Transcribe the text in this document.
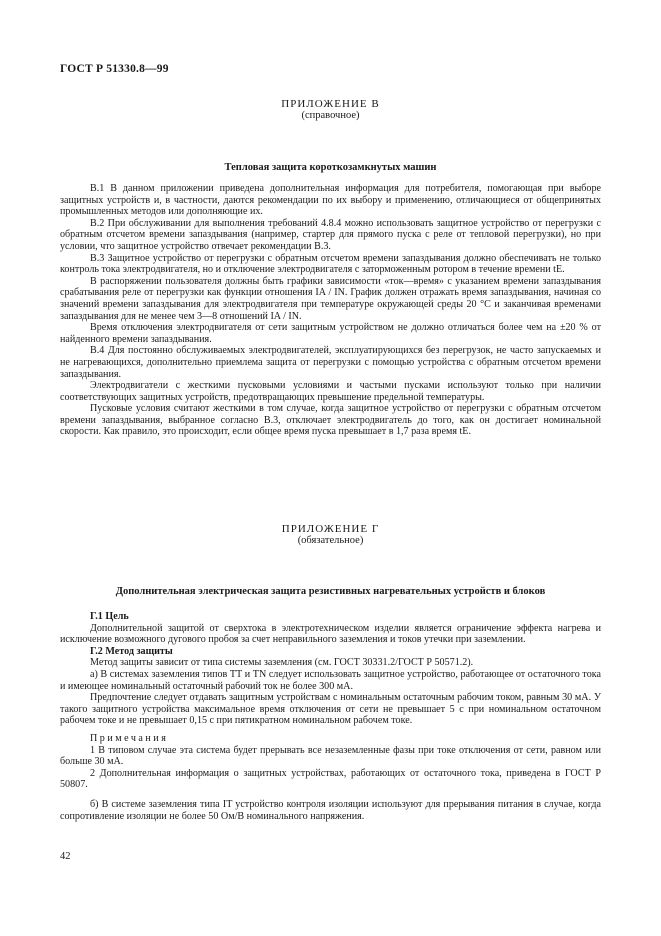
ГОСТ Р 51330.8—99
ПРИЛОЖЕНИЕ В
(справочное)
Тепловая защита короткозамкнутых машин

В.1 В данном приложении приведена дополнительная информация для потребителя, помогающая при выборе защитных устройств и, в частности, даются рекомендации по их выбору и применению, отличающиеся от общепринятых промышленных методов или дополняющие их.

В.2 При обслуживании для выполнения требований 4.8.4 можно использовать защитное устройство от перегрузки с обратным отсчетом времени запаздывания (например, стартер для прямого пуска с реле от тепловой перегрузки), но при условии, что защитное устройство отвечает рекомендации В.3.

В.3 Защитное устройство от перегрузки с обратным отсчетом времени запаздывания должно обеспечивать не только контроль тока электродвигателя, но и отключение электродвигателя с заторможенным ротором в течение времени tE.

В распоряжении пользователя должны быть графики зависимости «ток—время» с указанием времени запаздывания срабатывания реле от перегрузки как функции отношения IA / IN. График должен отражать время запаздывания, начиная со значений времени запаздывания для электродвигателя при температуре окружающей среды 20 °С и заканчивая временами запаздывания для не менее чем 3—8 отношений IA / IN.

Время отключения электродвигателя от сети защитным устройством не должно отличаться более чем на ±20 % от найденного времени запаздывания.

В.4 Для постоянно обслуживаемых электродвигателей, эксплуатирующихся без перегрузок, не часто запускаемых и не нагревающихся, дополнительно приемлема защита от перегрузки с помощью устройства с обратным отсчетом времени запаздывания.

Электродвигатели с жесткими пусковыми условиями и частыми пусками используют только при наличии соответствующих защитных устройств, предотвращающих превышение предельной температуры.

Пусковые условия считают жесткими в том случае, когда защитное устройство от перегрузки с обратным отсчетом времени запаздывания, выбранное согласно В.3, отключает электродвигатель до того, как он достигает номинальной скорости. Как правило, это происходит, если общее время пуска превышает в 1,7 раза время tE.

ПРИЛОЖЕНИЕ Г
(обязательное)
Дополнительная электрическая защита резистивных нагревательных устройств и блоков

Г.1 Цель

Дополнительной защитой от сверхтока в электротехническом изделии является ограничение эффекта нагрева и исключение возможного дугового пробоя за счет неправильного заземления и токов утечки при заземлении.

Г.2 Метод защиты

Метод защиты зависит от типа системы заземления (см. ГОСТ 30331.2/ГОСТ Р 50571.2).

а) В системах заземления типов ТТ и ТN следует использовать защитное устройство, работающее от остаточного тока и имеющее номинальный остаточный рабочий ток не более 300 мА.

Предпочтение следует отдавать защитным устройствам с номинальным остаточным рабочим током, равным 30 мА. У такого защитного устройства максимальное время отключения от сети не превышает 5 с при номинальном остаточном рабочем токе и не превышает 0,15 с при пятикратном номинальном рабочем токе.

Примечания

1 В типовом случае эта система будет прерывать все незаземленные фазы при токе отключения от сети, равном или больше 30 мА.

2 Дополнительная информация о защитных устройствах, работающих от остаточного тока, приведена в ГОСТ Р 50807.

б) В системе заземления типа IT устройство контроля изоляции используют для прерывания питания в случае, когда сопротивление изоляции не более 50 Ом/В номинального напряжения.

42
